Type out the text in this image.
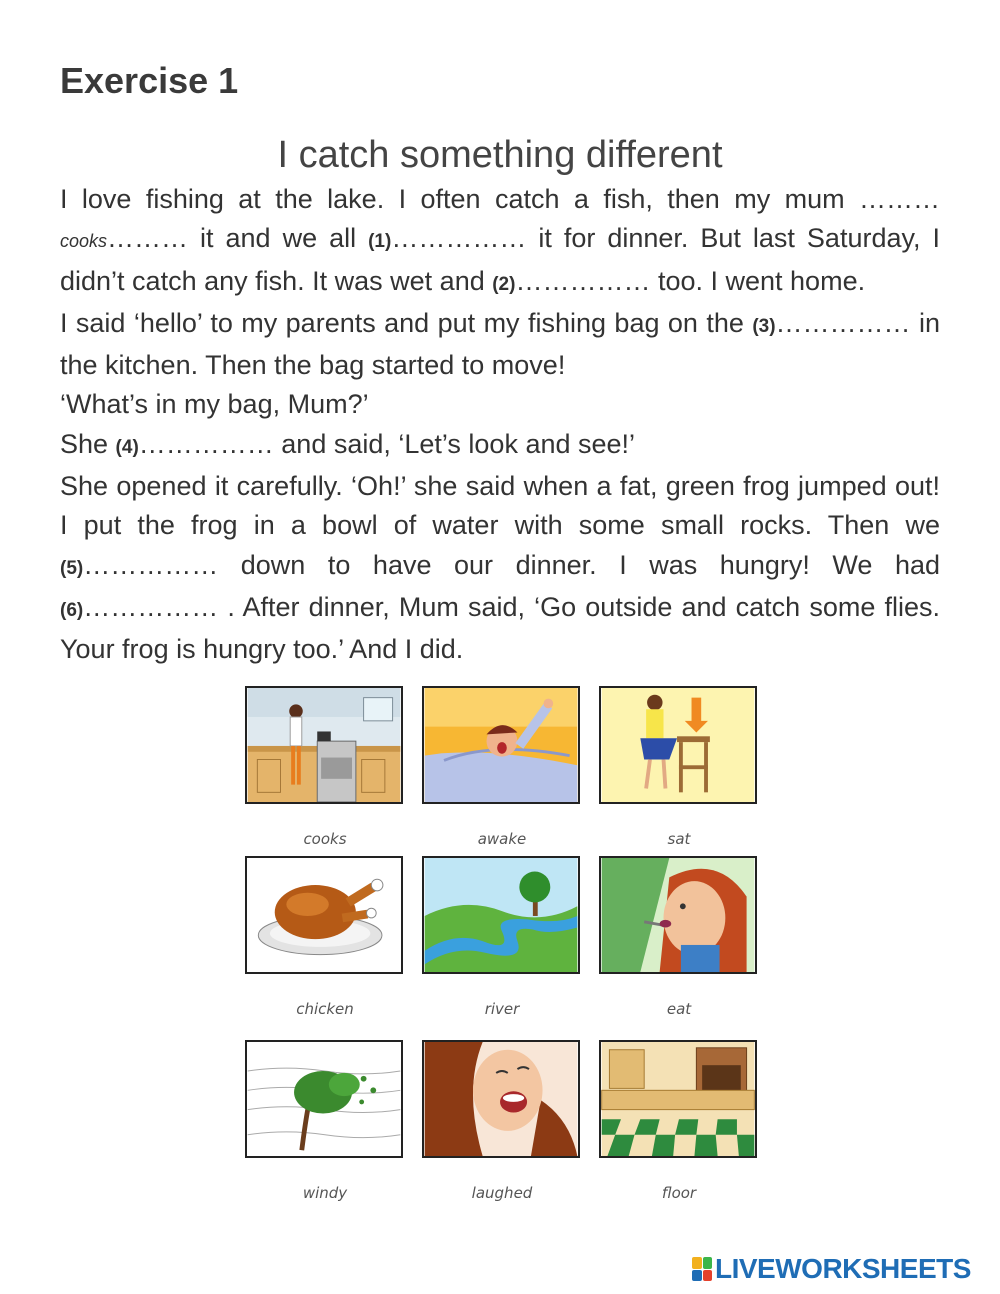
Exercise 1
I catch something different

I love fishing at the lake. I often catch a fish, then my mum ………cooks……… it and we all (1)…………… it for dinner. But last Saturday, I didn’t catch any fish. It was wet and (2)…………… too. I went home.

I said ‘hello’ to my parents and put my fishing bag on the (3)…………… in the kitchen. Then the bag started to move!

‘What’s in my bag, Mum?’

She (4)…………… and said, ‘Let’s look and see!’

She opened it carefully. ‘Oh!’ she said when a fat, green frog jumped out! I put the frog in a bowl of water with some small rocks. Then we (5)…………… down to have our dinner. I was hungry! We had (6)…………… . After dinner, Mum said, ‘Go outside and catch some flies. Your frog is hungry too.’ And I did.

cooks	awake	sat
chicken	river	eat
windy	laughed	floor
LIVEWORKSHEETS
